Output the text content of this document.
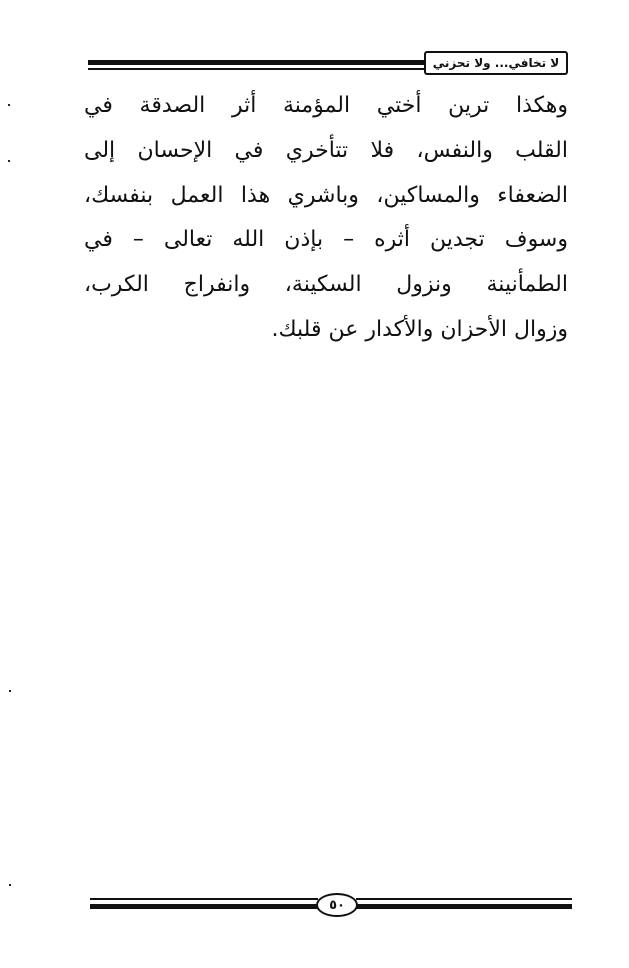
لا تخافي... ولا تحزني
وهكذا ترين أختي المؤمنة أثر الصدقة في
القلب والنفس، فلا تتأخري في الإحسان إلى
الضعفاء والمساكين، وباشري هذا العمل بنفسك،
وسوف تجدين أثره – بإذن الله تعالى – في
الطمأنينة ونزول السكينة، وانفراج الكرب،
وزوال الأحزان والأكدار عن قلبك.
٥٠
